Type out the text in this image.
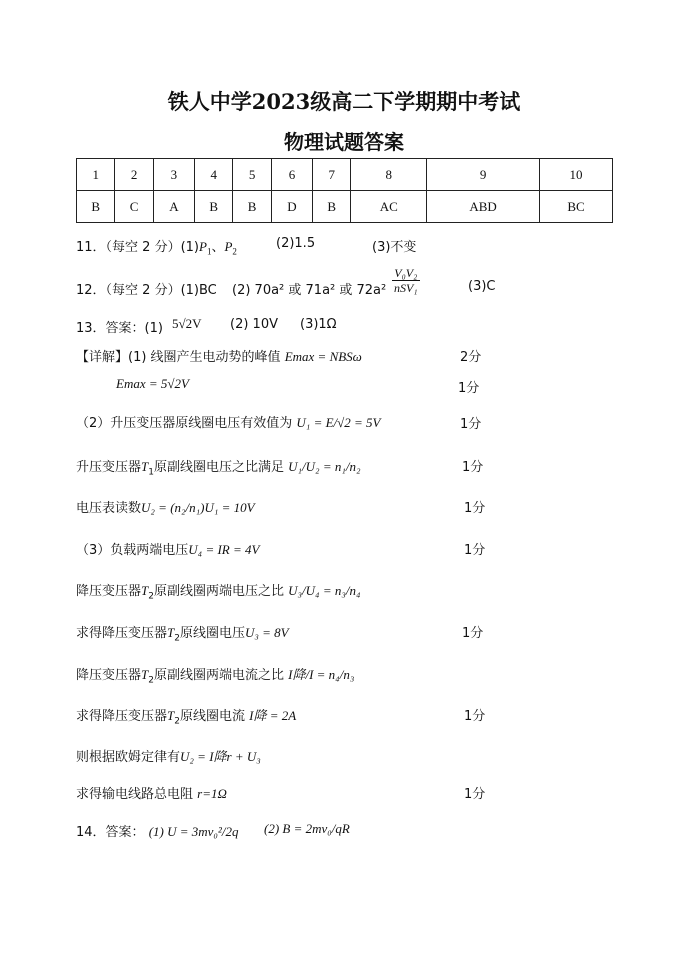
铁人中学2023级高二下学期期中考试
物理试题答案
1	2	3	4	5	6	7	8	9	10
B	C	A	B	B	D	B	AC	ABD	BC
11．（每空 2 分）$(1)P_1$、$P_2$
(2)1.5	(3)不变
12．（每空 2 分）(1)BC (2) 70a² 或 71a² 或 $72a^2 \frac{\text{V₀V₂}}{\text{nSV₁}}$	(3)C
13．答案：(1) 5√2V (2) 10V (3)1Ω
【详解】(1) 线圈产生电动势的峰值 Emax = NBSω	2分
Emax = 5√2V	1分
（2）升压变压器原线圈电压有效值为 U₁ = E/√2 = 5V	1分
升压变压器$T_1$原副线圈电压之比满足 U₁/U₂ = n₁/n₂	1分
电压表读数U₂ = (n₂/n₁)U₁ = 10V	1分
（3）负载两端电压U₄ = IR = 4V	1分
降压变压器$T_2$原副线圈两端电压之比 U₃/U₄ = n₃/n₄
求得降压变压器$T_2$原线圈电压U₃ = 8V	1分
降压变压器$T_2$原副线圈两端电流之比 I降/I = n₄/n₃
求得降压变压器$T_2$原线圈电流 I降 = 2A	1分
则根据欧姆定律有U₂ = I降r + U₃
求得输电线路总电阻 r=1Ω	1分
14．答案： (1) U = 3mv₀²/2q (2) B = 2mv₀/qR
